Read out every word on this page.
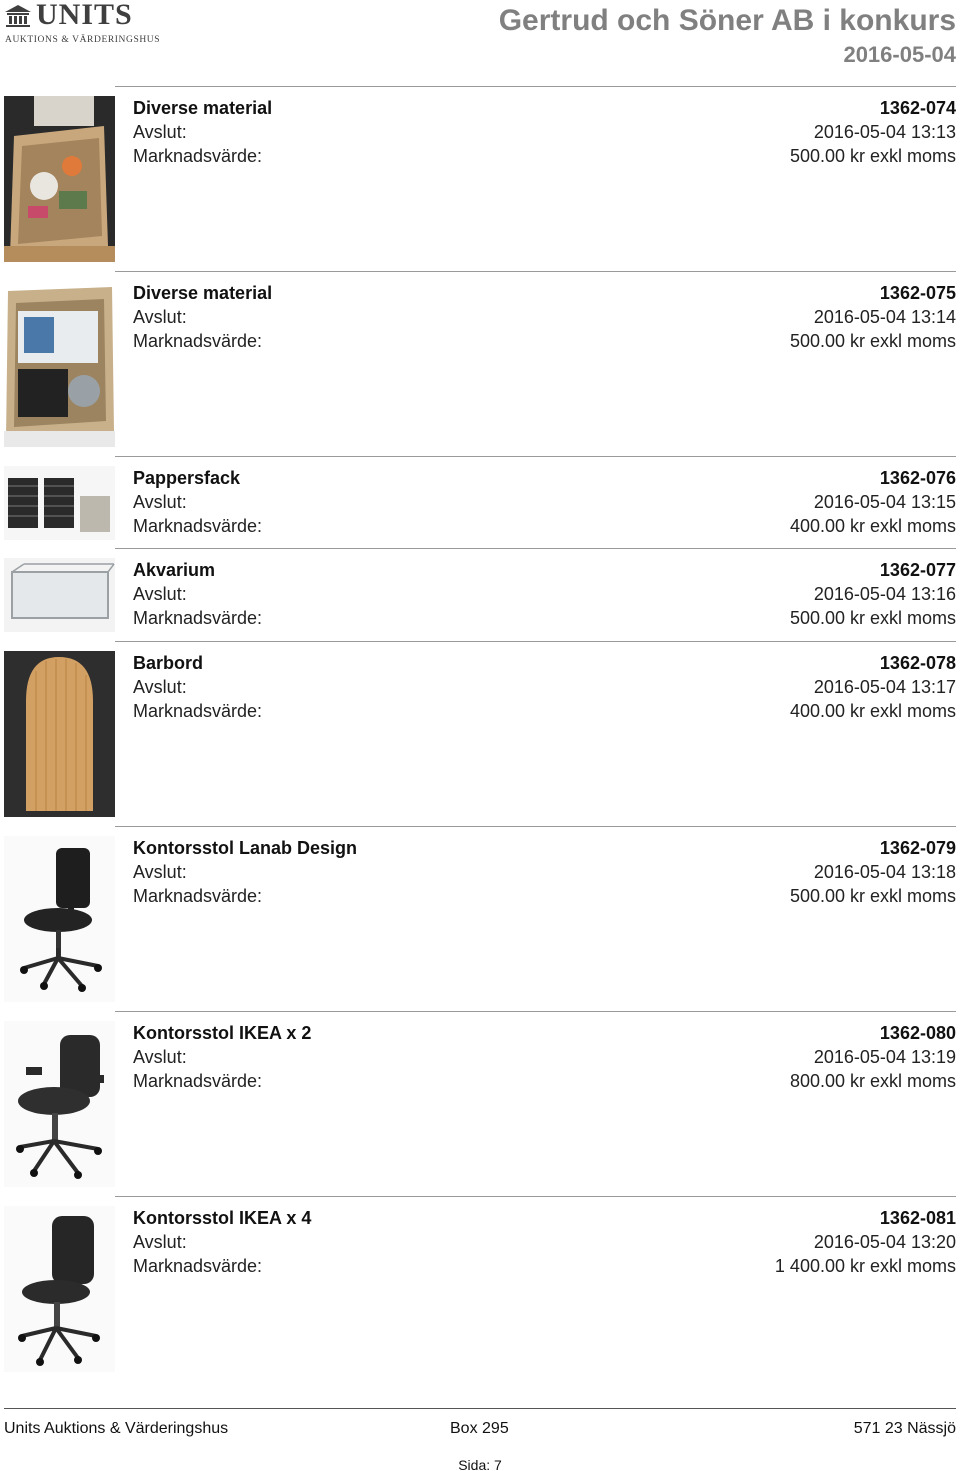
UNITS
AUKTIONS & VÄRDERINGSHUS
Gertrud och Söner AB i konkurs
2016-05-04
Diverse material
Avslut:
Marknadsvärde:
1362-074
2016-05-04 13:13
500.00 kr exkl moms
Diverse material
Avslut:
Marknadsvärde:
1362-075
2016-05-04 13:14
500.00 kr exkl moms
Pappersfack
Avslut:
Marknadsvärde:
1362-076
2016-05-04 13:15
400.00 kr exkl moms
Akvarium
Avslut:
Marknadsvärde:
1362-077
2016-05-04 13:16
500.00 kr exkl moms
Barbord
Avslut:
Marknadsvärde:
1362-078
2016-05-04 13:17
400.00 kr exkl moms
Kontorsstol Lanab Design
Avslut:
Marknadsvärde:
1362-079
2016-05-04 13:18
500.00 kr exkl moms
Kontorsstol IKEA x 2
Avslut:
Marknadsvärde:
1362-080
2016-05-04 13:19
800.00 kr exkl moms
Kontorsstol IKEA x 4
Avslut:
Marknadsvärde:
1362-081
2016-05-04 13:20
1 400.00 kr exkl moms
Units Auktions & Värderingshus	Box 295	571 23 Nässjö
Sida: 7
